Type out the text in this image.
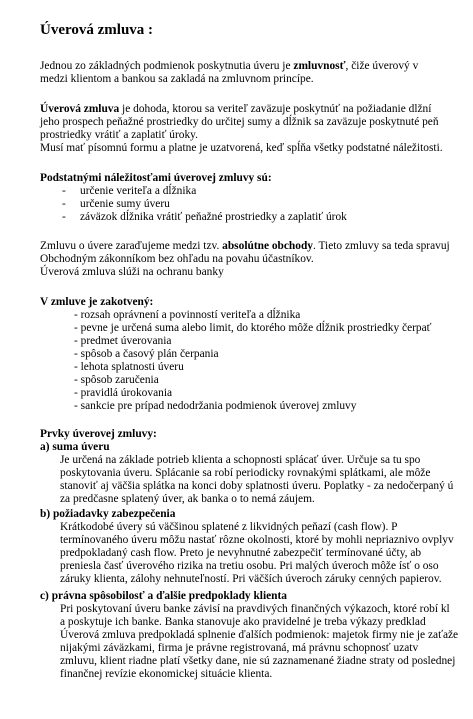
Úverová zmluva :
Jednou zo základných podmienok poskytnutia úveru je zmluvnosť, čiže úverový v
medzi klientom a bankou sa zakladá na zmluvnom princípe.
Úverová zmluva je dohoda, ktorou sa veriteľ zaväzuje poskytnúť na požiadanie dlžní
jeho prospech peňažné prostriedky do určitej sumy a dĺžnik sa zaväzuje poskytnuté peň
prostriedky vrátiť a zaplatiť úroky.
Musí mať písomnú formu a platne je uzatvorená, keď spĺňa všetky podstatné náležitosti.
Podstatnými náležitosťami úverovej zmluvy sú:
- určenie veriteľa a dĺžnika
- určenie sumy úveru
- záväzok dĺžnika vrátiť peňažné prostriedky a zaplatiť úrok
Zmluvu o úvere zaraďujeme medzi tzv. absolútne obchody. Tieto zmluvy sa teda spravuj
Obchodným zákonníkom bez ohľadu na povahu účastníkov.
Úverová zmluva slúži na ochranu banky
V zmluve je zakotvený:
- rozsah oprávnení a povinností veriteľa a dĺžnika
- pevne je určená suma alebo limit, do ktorého môže dĺžnik prostriedky čerpať
- predmet úverovania
- spôsob a časový plán čerpania
- lehota splatnosti úveru
- spôsob zaručenia
- pravidlá úrokovania
- sankcie pre prípad nedodržania podmienok úverovej zmluvy
Prvky úverovej zmluvy:
a) suma úveru
Je určená na základe potrieb klienta a schopnosti splácať úver. Určuje sa tu spo
poskytovania úveru. Splácanie sa robí periodicky rovnakými splátkami, ale môže
stanoviť aj väčšia splátka na konci doby splatnosti úveru. Poplatky - za nedočerpaný ú
za predčasne splatený úver, ak banka o to nemá záujem.
b) požiadavky zabezpečenia
Krátkodobé úvery sú väčšinou splatené z likvidných peňazí (cash flow). P
termínovaného úveru môžu nastať rôzne okolnosti, ktoré by mohli nepriaznivo ovplyv
predpokladaný cash flow. Preto je nevyhnutné zabezpečiť termínované účty, ab
preniesla časť úverového rizika na tretiu osobu. Pri malých úveroch môže ísť o oso
záruky klienta, zálohy nehnuteľností. Pri väčších úveroch záruky cenných papierov.
c) právna spôsobilosť a ďalšie predpoklady klienta
Pri poskytovaní úveru banke závisí na pravdivých finančných výkazoch, ktoré robí kl
a poskytuje ich banke. Banka stanovuje ako pravidelné je treba výkazy predklad
Úverová zmluva predpokladá splnenie ďalších podmienok: majetok firmy nie je zaťaže
nijakými záväzkami, firma je právne registrovaná, má právnu schopnosť uzatv
zmluvu, klient riadne platí všetky dane, nie sú zaznamenané žiadne straty od poslednej
finančnej revízie ekonomickej situácie klienta.
